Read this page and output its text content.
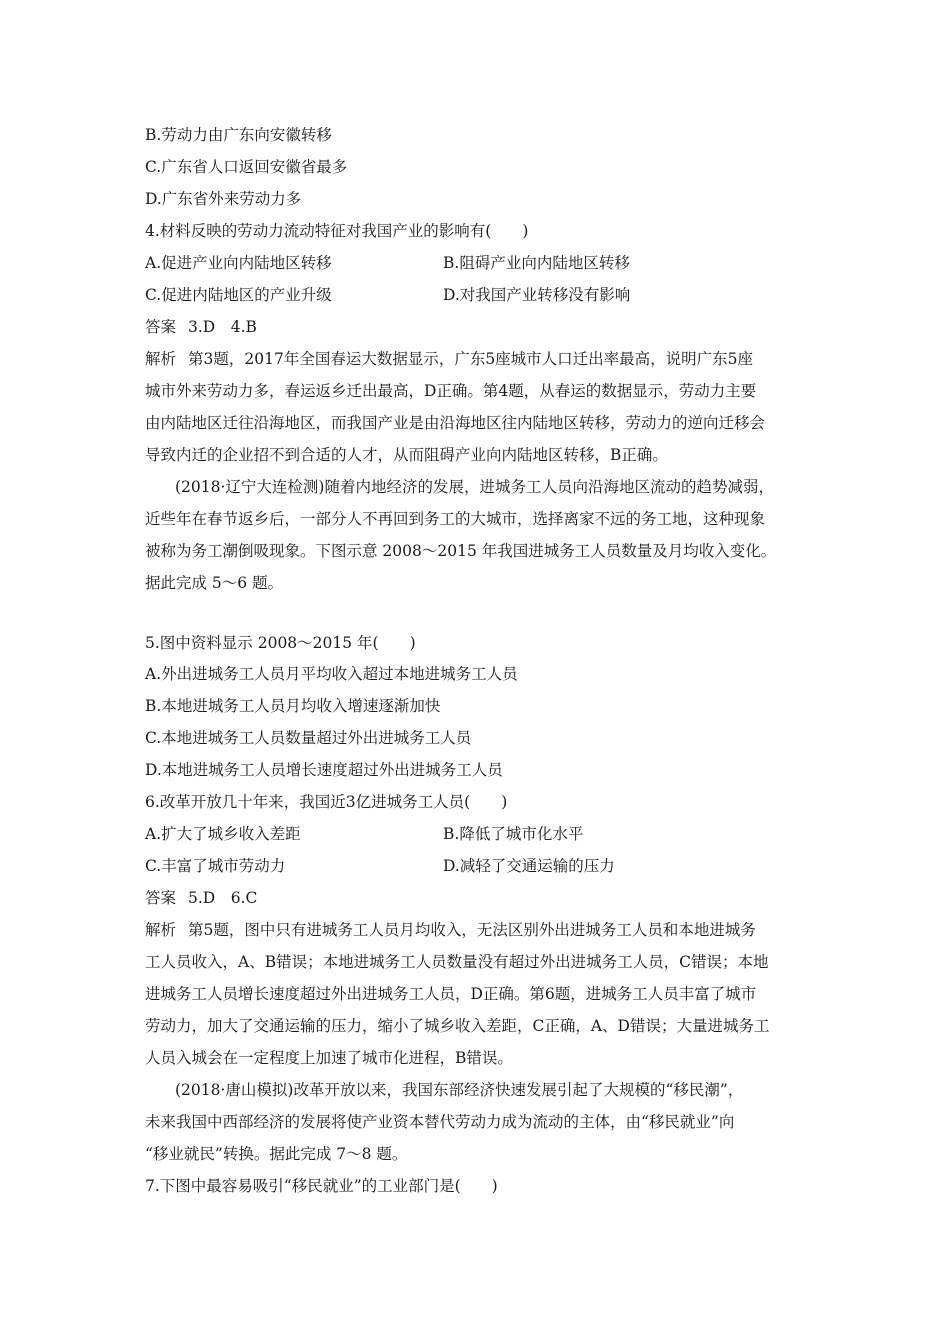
B.劳动力由广东向安徽转移
C.广东省人口返回安徽省最多
D.广东省外来劳动力多
4.材料反映的劳动力流动特征对我国产业的影响有(　　)
A.促进产业向内陆地区转移	B.阻碍产业向内陆地区转移
C.促进内陆地区的产业升级	D.对我国产业转移没有影响
答案 3.D　4.B
解析 第3题，2017年全国春运大数据显示，广东5座城市人口迁出率最高，说明广东5座
城市外来劳动力多，春运返乡迁出最高，D正确。第4题，从春运的数据显示，劳动力主要
由内陆地区迁往沿海地区，而我国产业是由沿海地区往内陆地区转移，劳动力的逆向迁移会
导致内迁的企业招不到合适的人才，从而阻碍产业向内陆地区转移，B正确。
(2018·辽宁大连检测)随着内地经济的发展，进城务工人员向沿海地区流动的趋势减弱，
近些年在春节返乡后，一部分人不再回到务工的大城市，选择离家不远的务工地，这种现象
被称为务工潮倒吸现象。下图示意 2008～2015 年我国进城务工人员数量及月均收入变化。
据此完成 5～6 题。
5.图中资料显示 2008～2015 年(　　)
A.外出进城务工人员月平均收入超过本地进城务工人员
B.本地进城务工人员月均收入增速逐渐加快
C.本地进城务工人员数量超过外出进城务工人员
D.本地进城务工人员增长速度超过外出进城务工人员
6.改革开放几十年来，我国近3亿进城务工人员(　　)
A.扩大了城乡收入差距	B.降低了城市化水平
C.丰富了城市劳动力	D.减轻了交通运输的压力
答案 5.D　6.C
解析 第5题，图中只有进城务工人员月均收入，无法区别外出进城务工人员和本地进城务
工人员收入，A、B错误；本地进城务工人员数量没有超过外出进城务工人员，C错误；本地
进城务工人员增长速度超过外出进城务工人员，D正确。第6题，进城务工人员丰富了城市
劳动力，加大了交通运输的压力，缩小了城乡收入差距，C正确，A、D错误；大量进城务工
人员入城会在一定程度上加速了城市化进程，B错误。
(2018·唐山模拟)改革开放以来，我国东部经济快速发展引起了大规模的“移民潮”，
未来我国中西部经济的发展将使产业资本替代劳动力成为流动的主体，由“移民就业”向
“移业就民”转换。据此完成 7～8 题。
7.下图中最容易吸引“移民就业”的工业部门是(　　)
